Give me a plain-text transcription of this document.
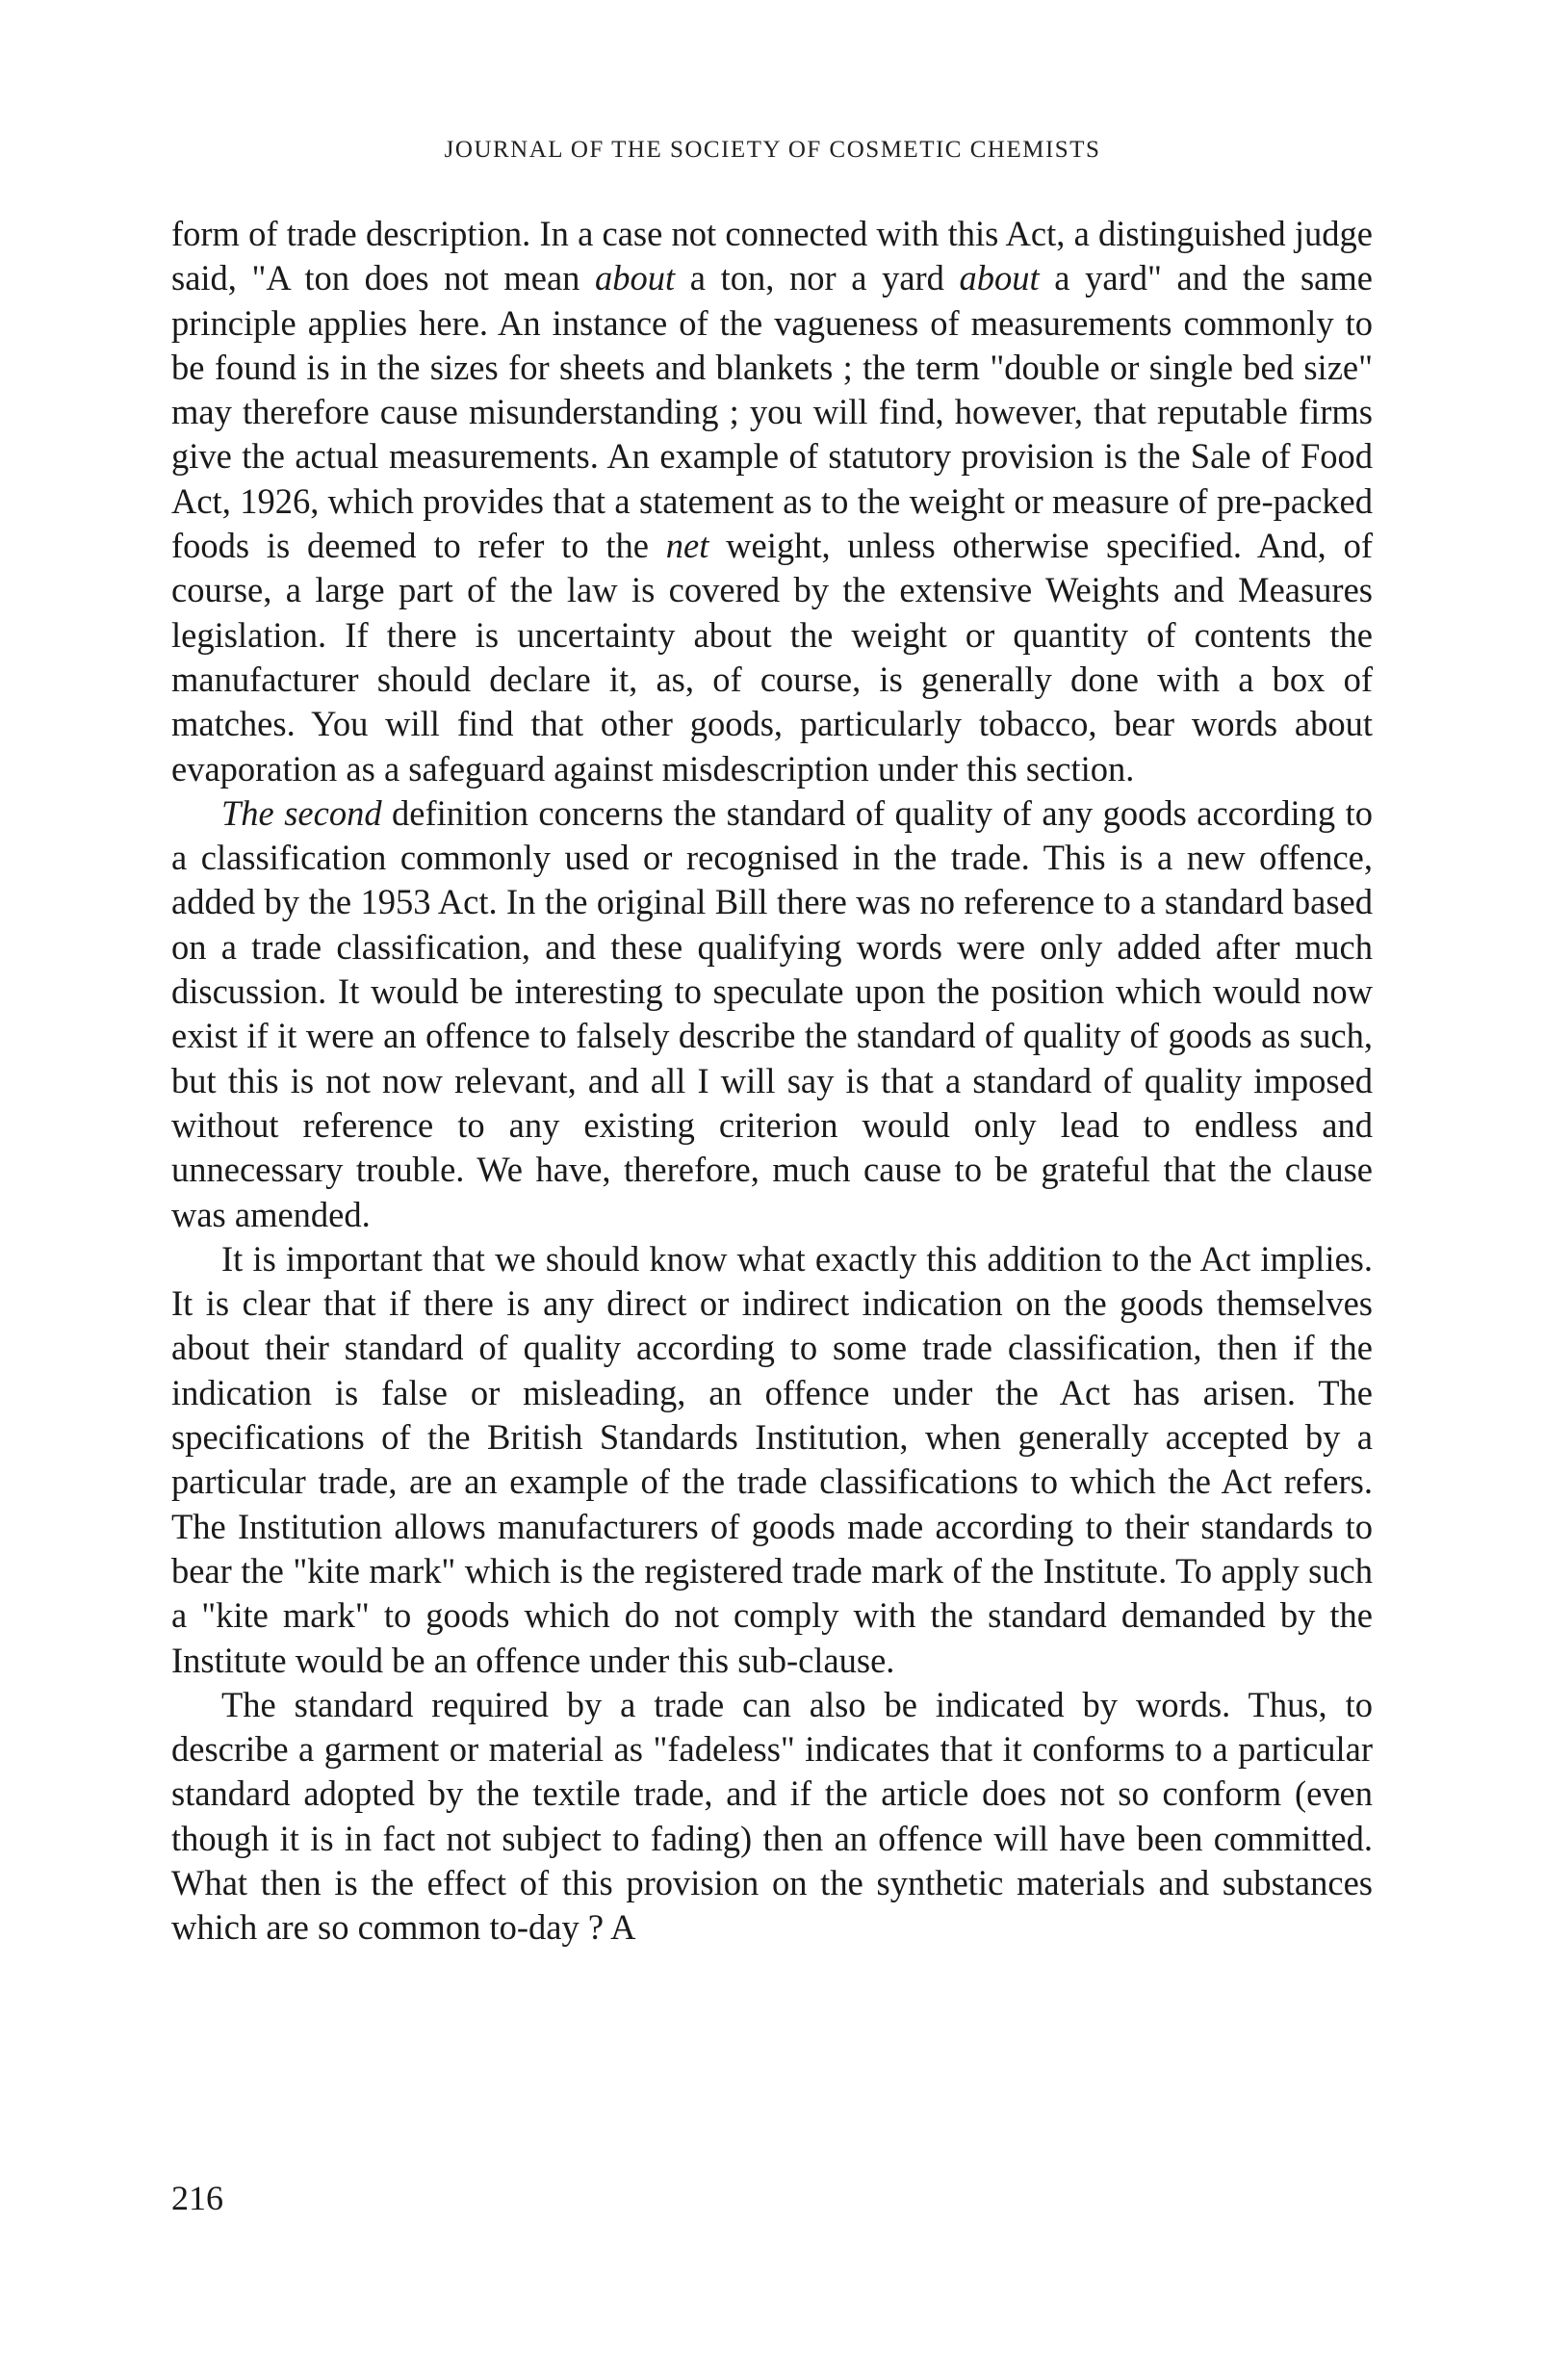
JOURNAL OF THE SOCIETY OF COSMETIC CHEMISTS

form of trade description. In a case not connected with this Act, a distinguished judge said, "A ton does not mean about a ton, nor a yard about a yard" and the same principle applies here. An instance of the vagueness of measurements commonly to be found is in the sizes for sheets and blankets ; the term "double or single bed size" may therefore cause misunderstanding ; you will find, however, that reputable firms give the actual measurements. An example of statutory provision is the Sale of Food Act, 1926, which provides that a statement as to the weight or measure of pre-packed foods is deemed to refer to the net weight, unless otherwise specified. And, of course, a large part of the law is covered by the extensive Weights and Measures legislation. If there is uncertainty about the weight or quantity of contents the manufacturer should declare it, as, of course, is generally done with a box of matches. You will find that other goods, particularly tobacco, bear words about evaporation as a safeguard against misdescription under this section.

The second definition concerns the standard of quality of any goods according to a classification commonly used or recognised in the trade. This is a new offence, added by the 1953 Act. In the original Bill there was no reference to a standard based on a trade classification, and these qualifying words were only added after much discussion. It would be interesting to speculate upon the position which would now exist if it were an offence to falsely describe the standard of quality of goods as such, but this is not now relevant, and all I will say is that a standard of quality imposed without reference to any existing criterion would only lead to endless and unnecessary trouble. We have, therefore, much cause to be grateful that the clause was amended.

It is important that we should know what exactly this addition to the Act implies. It is clear that if there is any direct or indirect indication on the goods themselves about their standard of quality according to some trade classification, then if the indication is false or misleading, an offence under the Act has arisen. The specifications of the British Standards Institution, when generally accepted by a particular trade, are an example of the trade classifications to which the Act refers. The Institution allows manufacturers of goods made according to their standards to bear the "kite mark" which is the registered trade mark of the Institute. To apply such a "kite mark" to goods which do not comply with the standard demanded by the Institute would be an offence under this sub-clause.

The standard required by a trade can also be indicated by words. Thus, to describe a garment or material as "fadeless" indicates that it conforms to a particular standard adopted by the textile trade, and if the article does not so conform (even though it is in fact not subject to fading) then an offence will have been committed. What then is the effect of this provision on the synthetic materials and substances which are so common to-day ? A

216
